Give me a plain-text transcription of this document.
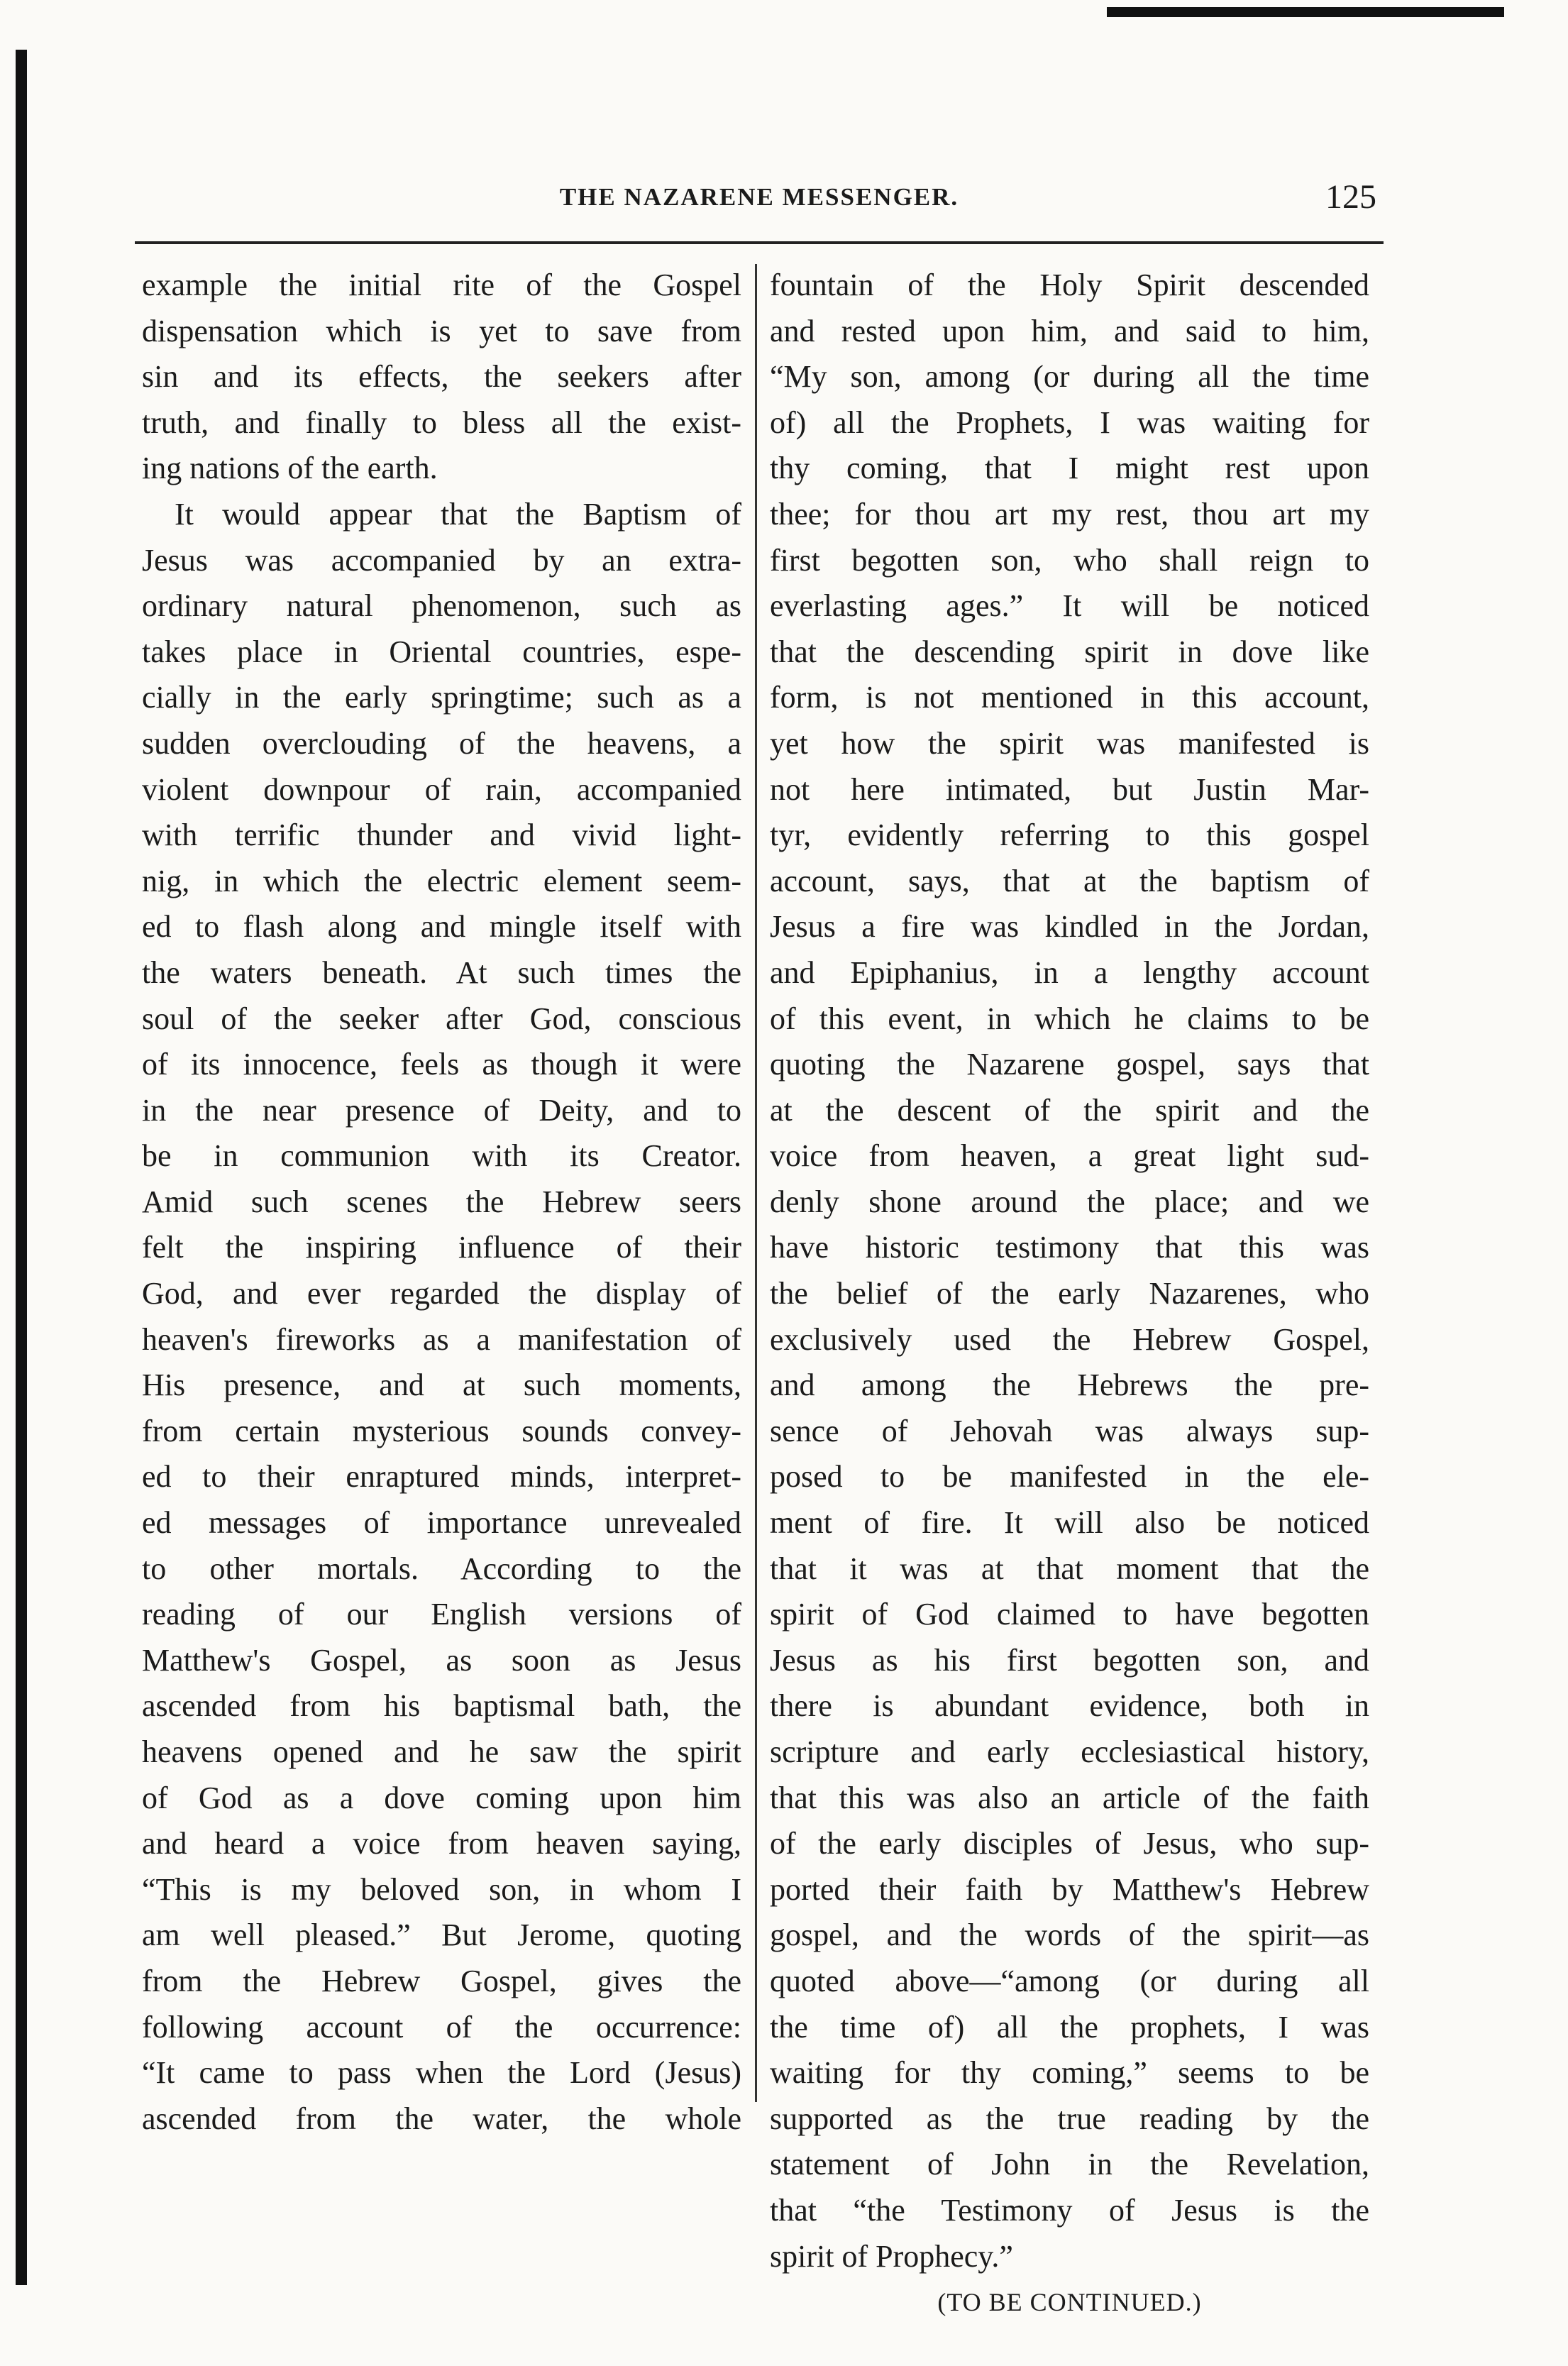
THE NAZARENE MESSENGER.	125
example the initial rite of the Gospel
dispensation which is yet to save from
sin and its effects, the seekers after
truth, and finally to bless all the exist-
ing nations of the earth.
It would appear that the Baptism of
Jesus was accompanied by an extra-
ordinary natural phenomenon, such as
takes place in Oriental countries, espe-
cially in the early springtime; such as a
sudden overclouding of the heavens, a
violent downpour of rain, accompanied
with terrific thunder and vivid light-
nig, in which the electric element seem-
ed to flash along and mingle itself with
the waters beneath. At such times the
soul of the seeker after God, conscious
of its innocence, feels as though it were
in the near presence of Deity, and to
be in communion with its Creator.
Amid such scenes the Hebrew seers
felt the inspiring influence of their
God, and ever regarded the display of
heaven's fireworks as a manifestation of
His presence, and at such moments,
from certain mysterious sounds convey-
ed to their enraptured minds, interpret-
ed messages of importance unrevealed
to other mortals. According to the
reading of our English versions of
Matthew's Gospel, as soon as Jesus
ascended from his baptismal bath, the
heavens opened and he saw the spirit
of God as a dove coming upon him
and heard a voice from heaven saying,
“This is my beloved son, in whom I
am well pleased.” But Jerome, quoting
from the Hebrew Gospel, gives the
following account of the occurrence:
“It came to pass when the Lord (Jesus)
ascended from the water, the whole
fountain of the Holy Spirit descended
and rested upon him, and said to him,
“My son, among (or during all the time
of) all the Prophets, I was waiting for
thy coming, that I might rest upon
thee; for thou art my rest, thou art my
first begotten son, who shall reign to
everlasting ages.” It will be noticed
that the descending spirit in dove like
form, is not mentioned in this account,
yet how the spirit was manifested is
not here intimated, but Justin Mar-
tyr, evidently referring to this gospel
account, says, that at the baptism of
Jesus a fire was kindled in the Jordan,
and Epiphanius, in a lengthy account
of this event, in which he claims to be
quoting the Nazarene gospel, says that
at the descent of the spirit and the
voice from heaven, a great light sud-
denly shone around the place; and we
have historic testimony that this was
the belief of the early Nazarenes, who
exclusively used the Hebrew Gospel,
and among the Hebrews the pre-
sence of Jehovah was always sup-
posed to be manifested in the ele-
ment of fire. It will also be noticed
that it was at that moment that the
spirit of God claimed to have begotten
Jesus as his first begotten son, and
there is abundant evidence, both in
scripture and early ecclesiastical history,
that this was also an article of the faith
of the early disciples of Jesus, who sup-
ported their faith by Matthew's Hebrew
gospel, and the words of the spirit—as
quoted above—“among (or during all
the time of) all the prophets, I was
waiting for thy coming,” seems to be
supported as the true reading by the
statement of John in the Revelation,
that “the Testimony of Jesus is the
spirit of Prophecy.”
(TO BE CONTINUED.)
